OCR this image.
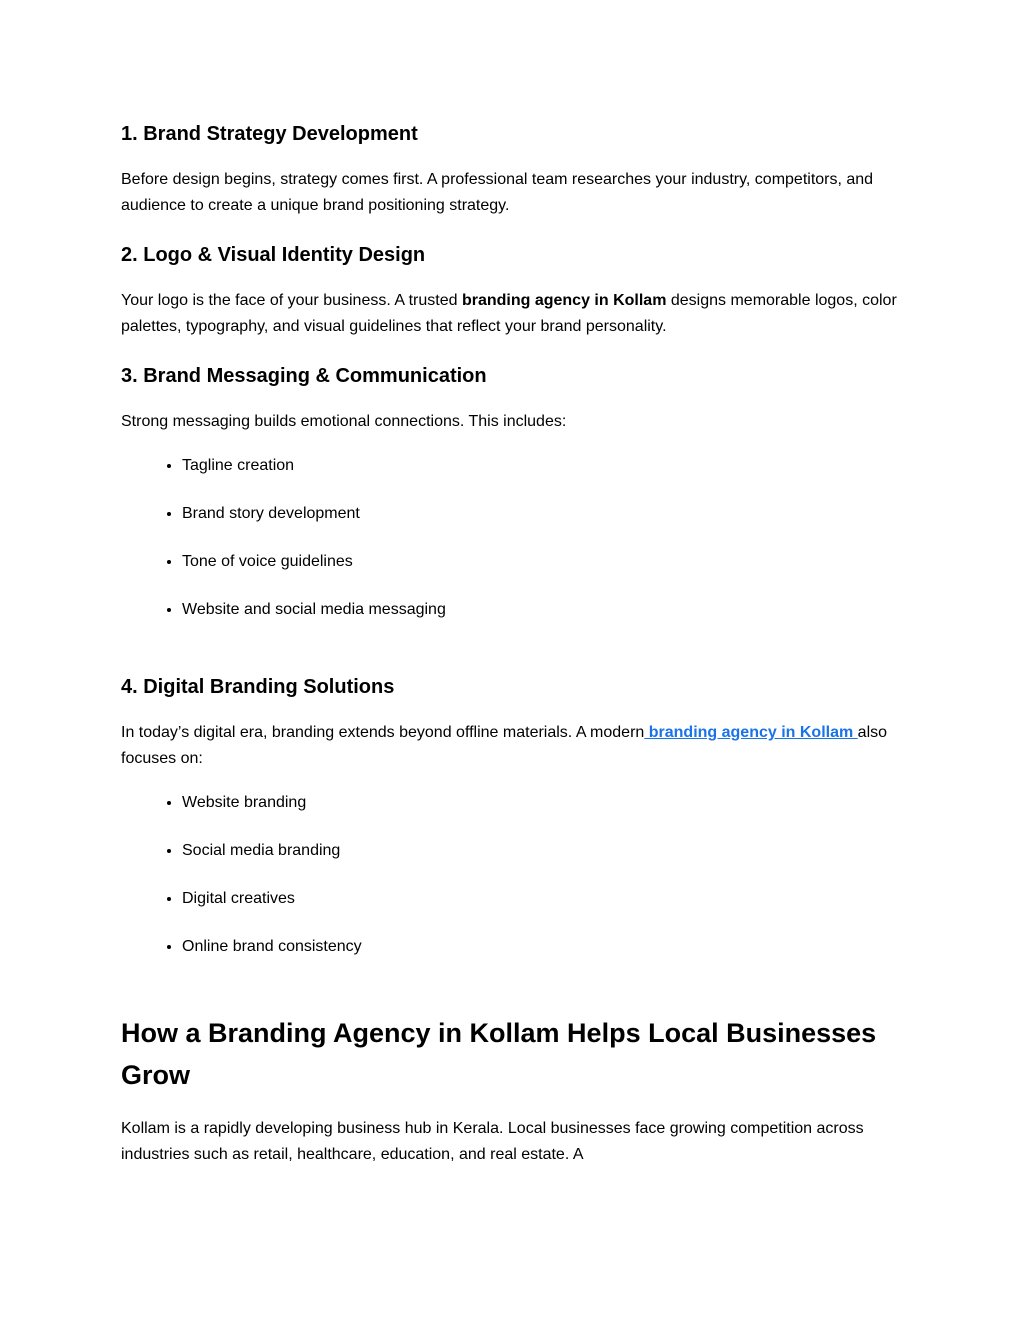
1. Brand Strategy Development

Before design begins, strategy comes first. A professional team researches your industry, competitors, and audience to create a unique brand positioning strategy.

2. Logo & Visual Identity Design

Your logo is the face of your business. A trusted branding agency in Kollam designs memorable logos, color palettes, typography, and visual guidelines that reflect your brand personality.

3. Brand Messaging & Communication

Strong messaging builds emotional connections. This includes:

• Tagline creation
• Brand story development
• Tone of voice guidelines
• Website and social media messaging
4. Digital Branding Solutions

In today’s digital era, branding extends beyond offline materials. A modern branding agency in Kollam also focuses on:

• Website branding
• Social media branding
• Digital creatives
• Online brand consistency
How a Branding Agency in Kollam Helps Local Businesses Grow

Kollam is a rapidly developing business hub in Kerala. Local businesses face growing competition across industries such as retail, healthcare, education, and real estate. A
